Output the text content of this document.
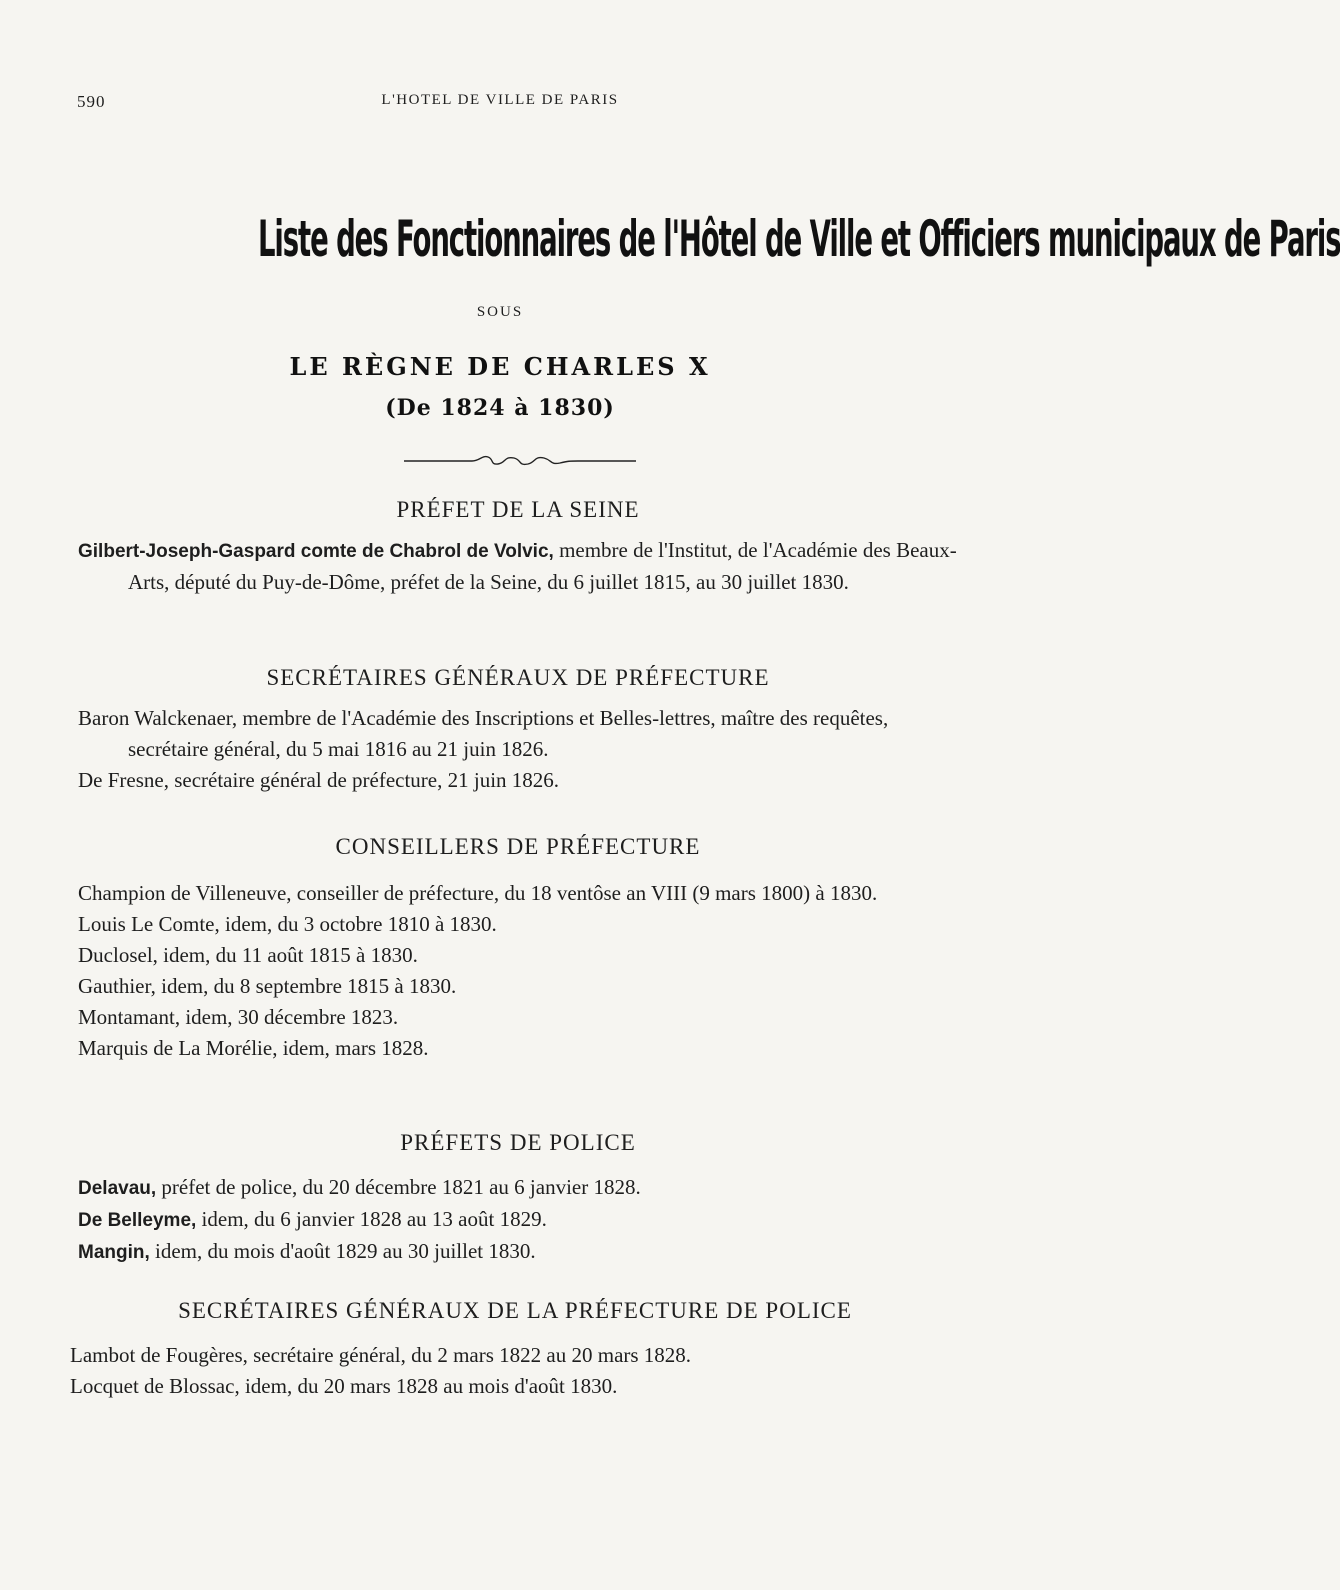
590	L'HOTEL DE VILLE DE PARIS
Liste des Fonctionnaires de l'Hôtel de Ville et Officiers municipaux de Paris
SOUS
LE RÈGNE DE CHARLES X
(De 1824 à 1830)
PRÉFET DE LA SEINE

Gilbert-Joseph-Gaspard comte de Chabrol de Volvic, membre de l'Institut, de l'Académie des Beaux-Arts, député du Puy-de-Dôme, préfet de la Seine, du 6 juillet 1815, au 30 juillet 1830.

SECRÉTAIRES GÉNÉRAUX DE PRÉFECTURE

Baron Walckenaer, membre de l'Académie des Inscriptions et Belles-lettres, maître des requêtes, secrétaire général, du 5 mai 1816 au 21 juin 1826.

De Fresne, secrétaire général de préfecture, 21 juin 1826.

CONSEILLERS DE PRÉFECTURE

Champion de Villeneuve, conseiller de préfecture, du 18 ventôse an VIII (9 mars 1800) à 1830.

Louis Le Comte, idem, du 3 octobre 1810 à 1830.

Duclosel, idem, du 11 août 1815 à 1830.

Gauthier, idem, du 8 septembre 1815 à 1830.

Montamant, idem, 30 décembre 1823.

Marquis de La Morélie, idem, mars 1828.

PRÉFETS DE POLICE

Delavau, préfet de police, du 20 décembre 1821 au 6 janvier 1828.

De Belleyme, idem, du 6 janvier 1828 au 13 août 1829.

Mangin, idem, du mois d'août 1829 au 30 juillet 1830.

SECRÉTAIRES GÉNÉRAUX DE LA PRÉFECTURE DE POLICE

Lambot de Fougères, secrétaire général, du 2 mars 1822 au 20 mars 1828.

Locquet de Blossac, idem, du 20 mars 1828 au mois d'août 1830.
